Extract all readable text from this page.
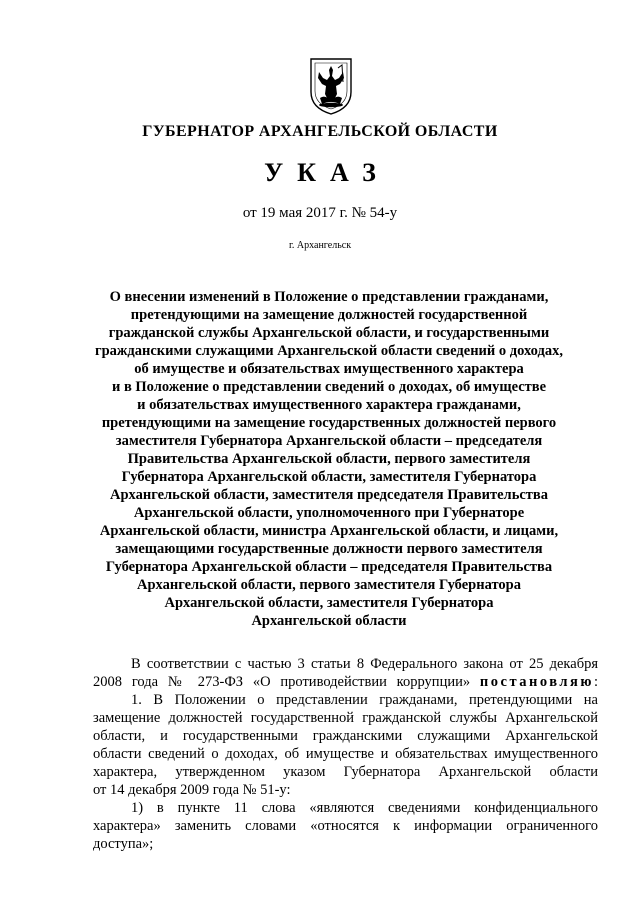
ГУБЕРНАТОР АРХАНГЕЛЬСКОЙ ОБЛАСТИ
УКАЗ
от 19 мая 2017 г. № 54-у
г. Архангельск
О внесении изменений в Положение о представлении гражданами,
претендующими на замещение должностей государственной
гражданской службы Архангельской области, и государственными
гражданскими служащими Архангельской области сведений о доходах,
об имуществе и обязательствах имущественного характера
и в Положение о представлении сведений о доходах, об имуществе
и обязательствах имущественного характера гражданами,
претендующими на замещение государственных должностей первого
заместителя Губернатора Архангельской области – председателя
Правительства Архангельской области, первого заместителя
Губернатора Архангельской области, заместителя Губернатора
Архангельской области, заместителя председателя Правительства
Архангельской области, уполномоченного при Губернаторе
Архангельской области, министра Архангельской области, и лицами,
замещающими государственные должности первого заместителя
Губернатора Архангельской области – председателя Правительства
Архангельской области, первого заместителя Губернатора
Архангельской области, заместителя Губернатора
Архангельской области
В соответствии с частью 3 статьи 8 Федерального закона от 25 декабря
2008 года № 273-ФЗ «О противодействии коррупции» постановляю:
1. В Положении о представлении гражданами, претендующими на
замещение должностей государственной гражданской службы Архангельской
области, и государственными гражданскими служащими Архангельской
области сведений о доходах, об имуществе и обязательствах имущественного
характера, утвержденном указом Губернатора Архангельской области
от 14 декабря 2009 года № 51-у:
1) в пункте 11 слова «являются сведениями конфиденциального
характера» заменить словами «относятся к информации ограниченного
доступа»;
